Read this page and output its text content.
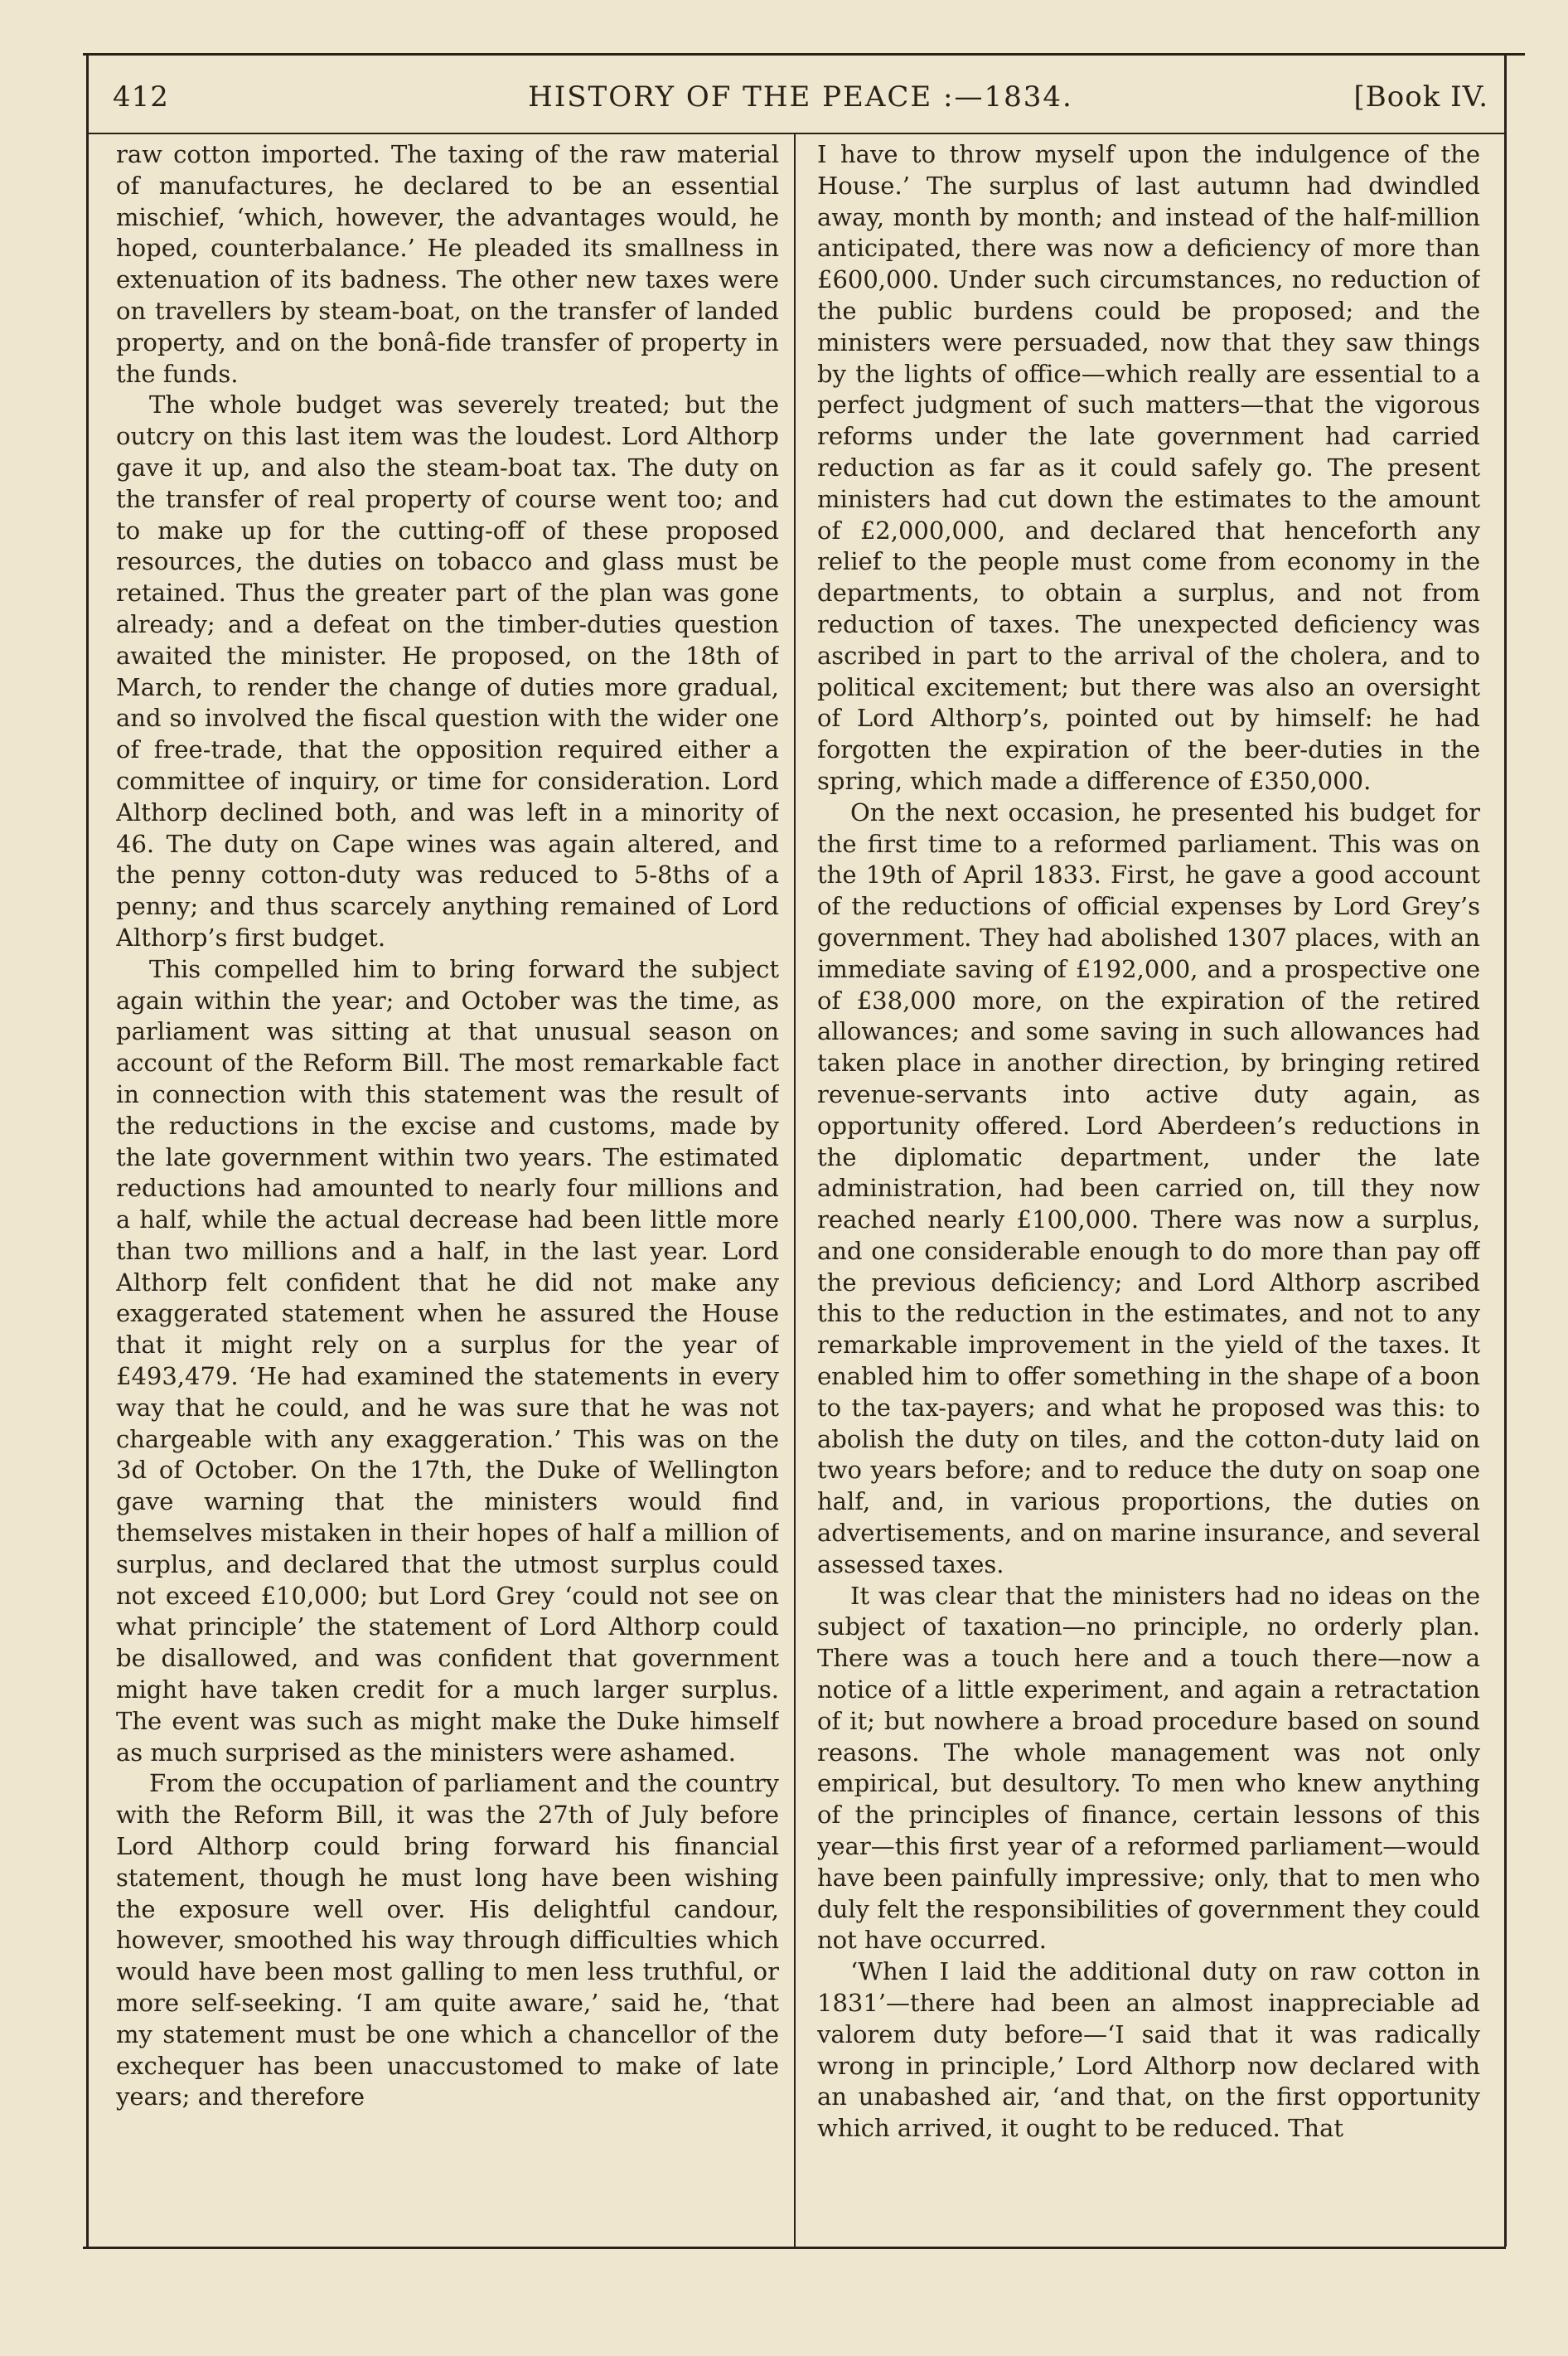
412	HISTORY OF THE PEACE :—1834.	[Book IV.

raw cotton imported. The taxing of the raw material of manufactures, he declared to be an essential mischief, ‘which, however, the advantages would, he hoped, counterbalance.’ He pleaded its smallness in extenuation of its badness. The other new taxes were on travellers by steam-boat, on the transfer of landed property, and on the bonâ-fide transfer of property in the funds.

The whole budget was severely treated; but the outcry on this last item was the loudest. Lord Althorp gave it up, and also the steam-boat tax. The duty on the transfer of real property of course went too; and to make up for the cutting-off of these proposed resources, the duties on tobacco and glass must be retained. Thus the greater part of the plan was gone already; and a defeat on the timber-duties question awaited the minister. He proposed, on the 18th of March, to render the change of duties more gradual, and so involved the fiscal question with the wider one of free-trade, that the opposition required either a committee of inquiry, or time for consideration. Lord Althorp declined both, and was left in a minority of 46. The duty on Cape wines was again altered, and the penny cotton-duty was reduced to 5-8ths of a penny; and thus scarcely anything remained of Lord Althorp’s first budget.

This compelled him to bring forward the subject again within the year; and October was the time, as parliament was sitting at that unusual season on account of the Reform Bill. The most remarkable fact in connection with this statement was the result of the reductions in the excise and customs, made by the late government within two years. The estimated reductions had amounted to nearly four millions and a half, while the actual decrease had been little more than two millions and a half, in the last year. Lord Althorp felt confident that he did not make any exaggerated statement when he assured the House that it might rely on a surplus for the year of £493,479. ‘He had examined the statements in every way that he could, and he was sure that he was not chargeable with any exaggeration.’ This was on the 3d of October. On the 17th, the Duke of Wellington gave warning that the ministers would find themselves mistaken in their hopes of half a million of surplus, and declared that the utmost surplus could not exceed £10,000; but Lord Grey ‘could not see on what principle’ the statement of Lord Althorp could be disallowed, and was confident that government might have taken credit for a much larger surplus. The event was such as might make the Duke himself as much surprised as the ministers were ashamed.

From the occupation of parliament and the country with the Reform Bill, it was the 27th of July before Lord Althorp could bring forward his financial statement, though he must long have been wishing the exposure well over. His delightful candour, however, smoothed his way through difficulties which would have been most galling to men less truthful, or more self-seeking. ‘I am quite aware,’ said he, ‘that my statement must be one which a chancellor of the exchequer has been unaccustomed to make of late years; and therefore

I have to throw myself upon the indulgence of the House.’ The surplus of last autumn had dwindled away, month by month; and instead of the half-million anticipated, there was now a deficiency of more than £600,000. Under such circumstances, no reduction of the public burdens could be proposed; and the ministers were persuaded, now that they saw things by the lights of office—which really are essential to a perfect judgment of such matters—that the vigorous reforms under the late government had carried reduction as far as it could safely go. The present ministers had cut down the estimates to the amount of £2,000,000, and declared that henceforth any relief to the people must come from economy in the departments, to obtain a surplus, and not from reduction of taxes. The unexpected deficiency was ascribed in part to the arrival of the cholera, and to political excitement; but there was also an oversight of Lord Althorp’s, pointed out by himself: he had forgotten the expiration of the beer-duties in the spring, which made a difference of £350,000.

On the next occasion, he presented his budget for the first time to a reformed parliament. This was on the 19th of April 1833. First, he gave a good account of the reductions of official expenses by Lord Grey’s government. They had abolished 1307 places, with an immediate saving of £192,000, and a prospective one of £38,000 more, on the expiration of the retired allowances; and some saving in such allowances had taken place in another direction, by bringing retired revenue-servants into active duty again, as opportunity offered. Lord Aberdeen’s reductions in the diplomatic department, under the late administration, had been carried on, till they now reached nearly £100,000. There was now a surplus, and one considerable enough to do more than pay off the previous deficiency; and Lord Althorp ascribed this to the reduction in the estimates, and not to any remarkable improvement in the yield of the taxes. It enabled him to offer something in the shape of a boon to the tax-payers; and what he proposed was this: to abolish the duty on tiles, and the cotton-duty laid on two years before; and to reduce the duty on soap one half, and, in various proportions, the duties on advertisements, and on marine insurance, and several assessed taxes.

It was clear that the ministers had no ideas on the subject of taxation—no principle, no orderly plan. There was a touch here and a touch there—now a notice of a little experiment, and again a retractation of it; but nowhere a broad procedure based on sound reasons. The whole management was not only empirical, but desultory. To men who knew anything of the principles of finance, certain lessons of this year—this first year of a reformed parliament—would have been painfully impressive; only, that to men who duly felt the responsibilities of government they could not have occurred.

‘When I laid the additional duty on raw cotton in 1831’—there had been an almost inappreciable ad valorem duty before—‘I said that it was radically wrong in principle,’ Lord Althorp now declared with an unabashed air, ‘and that, on the first opportunity which arrived, it ought to be reduced. That
